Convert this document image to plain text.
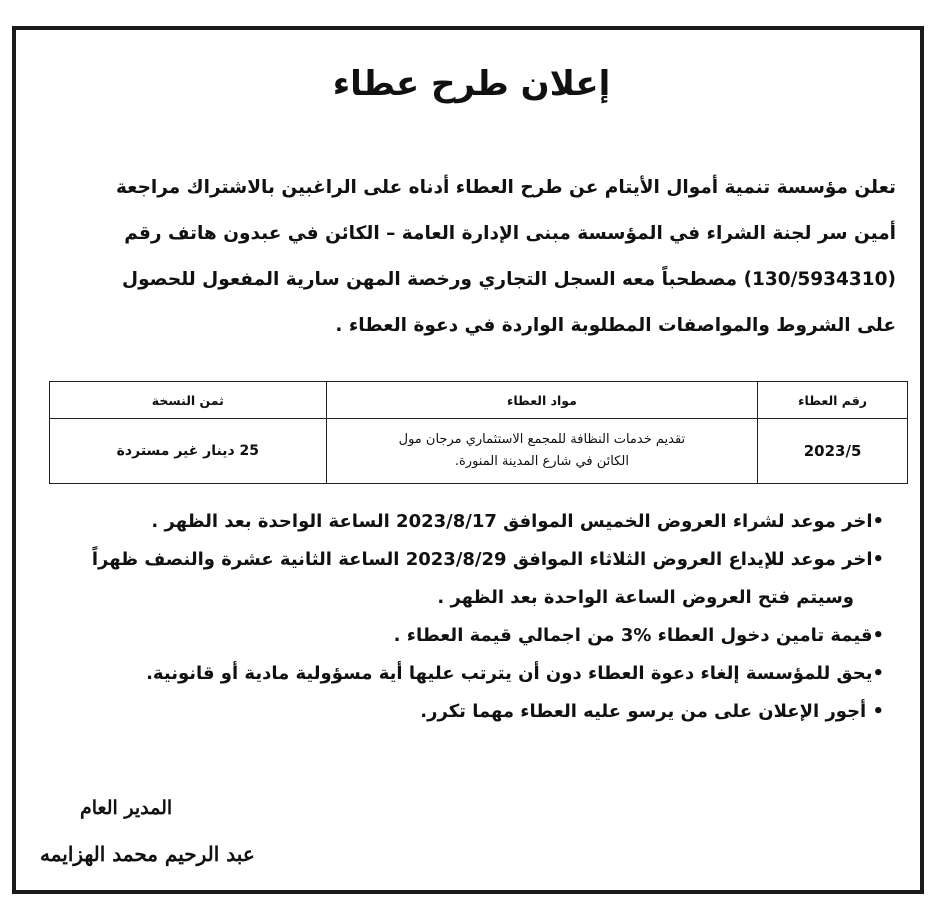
إعلان طرح عطاء

تعلن مؤسسة تنمية أموال الأيتام عن طرح العطاء أدناه على الراغبين بالاشتراك مراجعة

أمين سر لجنة الشراء في المؤسسة مبنى الإدارة العامة – الكائن في عبدون هاتف رقم

(130/5934310) مصطحباً معه السجل التجاري ورخصة المهن سارية المفعول للحصول

على الشروط والمواصفات المطلوبة الواردة في دعوة العطاء .

رقم العطاء	مواد العطاء	ثمن النسخة
2023/5	تقديم خدمات النظافة للمجمع الاستثماري مرجان مول
الكائن في شارع المدينة المنورة.	25 دينار غير مستردة
•اخر موعد لشراء العروض الخميس الموافق 2023/8/17 الساعة الواحدة بعد الظهر .
•اخر موعد للإيداع العروض الثلاثاء الموافق 2023/8/29 الساعة الثانية عشرة والنصف ظهراً
وسيتم فتح العروض الساعة الواحدة بعد الظهر .
•قيمة تامين دخول العطاء %3 من اجمالي قيمة العطاء .
•يحق للمؤسسة إلغاء دعوة العطاء دون أن يترتب عليها أية مسؤولية مادية أو قانونية.
• أجور الإعلان على من يرسو عليه العطاء مهما تكرر.
المدير العام
عبد الرحيم محمد الهزايمه
